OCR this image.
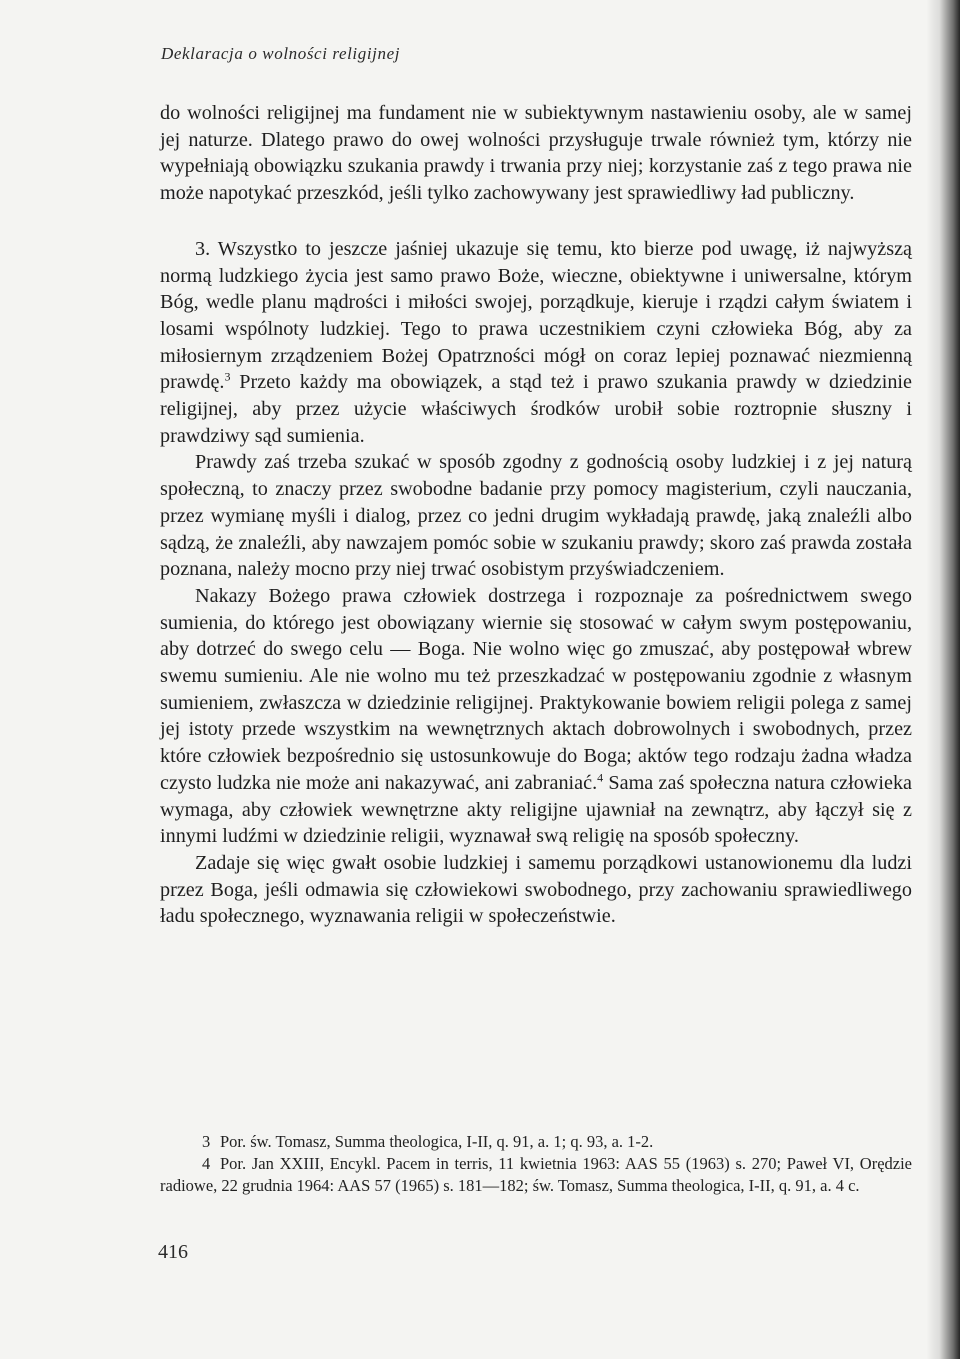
Deklaracja o wolności religijnej

do wolności religijnej ma fundament nie w subiektywnym nastawieniu osoby, ale w samej jej naturze. Dlatego prawo do owej wolności przysługuje trwale również tym, którzy nie wypełniają obowiązku szukania prawdy i trwania przy niej; korzystanie zaś z tego prawa nie może napotykać przeszkód, jeśli tylko zachowywany jest sprawiedliwy ład publiczny.

3. Wszystko to jeszcze jaśniej ukazuje się temu, kto bierze pod uwagę, iż najwyższą normą ludzkiego życia jest samo prawo Boże, wieczne, obiektywne i uniwersalne, którym Bóg, wedle planu mądrości i miłości swojej, porządkuje, kieruje i rządzi całym światem i losami wspólnoty ludzkiej. Tego to prawa uczestnikiem czyni człowieka Bóg, aby za miłosiernym zrządzeniem Bożej Opatrzności mógł on coraz lepiej poznawać niezmienną prawdę.$^3$ Przeto każdy ma obowiązek, a stąd też i prawo szukania prawdy w dziedzinie religijnej, aby przez użycie właściwych środków urobił sobie roztropnie słuszny i prawdziwy sąd sumienia.

Prawdy zaś trzeba szukać w sposób zgodny z godnością osoby ludzkiej i z jej naturą społeczną, to znaczy przez swobodne badanie przy pomocy magisterium, czyli nauczania, przez wymianę myśli i dialog, przez co jedni drugim wykładają prawdę, jaką znaleźli albo sądzą, że znaleźli, aby nawzajem pomóc sobie w szukaniu prawdy; skoro zaś prawda została poznana, należy mocno przy niej trwać osobistym przyświadczeniem.

Nakazy Bożego prawa człowiek dostrzega i rozpoznaje za pośrednictwem swego sumienia, do którego jest obowiązany wiernie się stosować w całym swym postępowaniu, aby dotrzeć do swego celu — Boga. Nie wolno więc go zmuszać, aby postępował wbrew swemu sumieniu. Ale nie wolno mu też przeszkadzać w postępowaniu zgodnie z własnym sumieniem, zwłaszcza w dziedzinie religijnej. Praktykowanie bowiem religii polega z samej jej istoty przede wszystkim na wewnętrznych aktach dobrowolnych i swobodnych, przez które człowiek bezpośrednio się ustosunkowuje do Boga; aktów tego rodzaju żadna władza czysto ludzka nie może ani nakazywać, ani zabraniać.$^4$ Sama zaś społeczna natura człowieka wymaga, aby człowiek wewnętrzne akty religijne ujawniał na zewnątrz, aby łączył się z innymi ludźmi w dziedzinie religii, wyznawał swą religię na sposób społeczny.

Zadaje się więc gwałt osobie ludzkiej i samemu porządkowi ustanowionemu dla ludzi przez Boga, jeśli odmawia się człowiekowi swobodnego, przy zachowaniu sprawiedliwego ładu społecznego, wyznawania religii w społeczeństwie.

3 Por. św. Tomasz, Summa theologica, I-II, q. 91, a. 1; q. 93, a. 1-2.

4 Por. Jan XXIII, Encykl. Pacem in terris, 11 kwietnia 1963: AAS 55 (1963) s. 270; Paweł VI, Orędzie radiowe, 22 grudnia 1964: AAS 57 (1965) s. 181—182; św. Tomasz, Summa theologica, I-II, q. 91, a. 4 c.

416
